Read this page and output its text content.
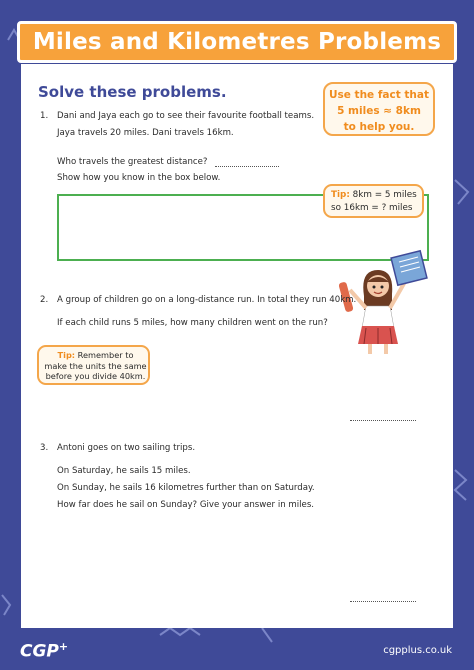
Miles and Kilometres Problems
Solve these problems.	Use the fact that
5 miles ≈ 8km
to help you.
1. Dani and Jaya each go to see their favourite football teams.
Jaya travels 20 miles. Dani travels 16km.
Who travels the greatest distance?
Show how you know in the box below.
Tip: 8km = 5 miles
so 16km = ? miles
2. A group of children go on a long-distance run. In total they run 40km.
If each child runs 5 miles, how many children went on the run?
Tip: Remember to
make the units the same
before you divide 40km.
3. Antoni goes on two sailing trips.
On Saturday, he sails 15 miles.
On Sunday, he sails 16 kilometres further than on Saturday.
How far does he sail on Sunday? Give your answer in miles.
CGP+	cgpplus.co.uk
